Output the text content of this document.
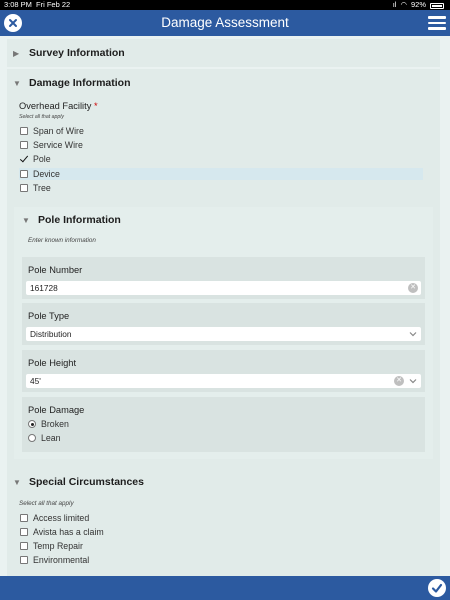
3:08 PM Fri Feb 22	ıl ◠ 92%
Damage Assessment
▶ Survey Information
▼ Damage Information
Overhead Facility *
Select all that apply
Span of Wire
Service Wire
Pole
Device
Tree
▼ Pole Information
Enter known information
Pole Number
161728	✕
Pole Type
Distribution
Pole Height
45'	✕
Pole Damage
Broken
Lean
▼ Special Circumstances
Select all that apply
Access limited
Avista has a claim
Temp Repair
Environmental
